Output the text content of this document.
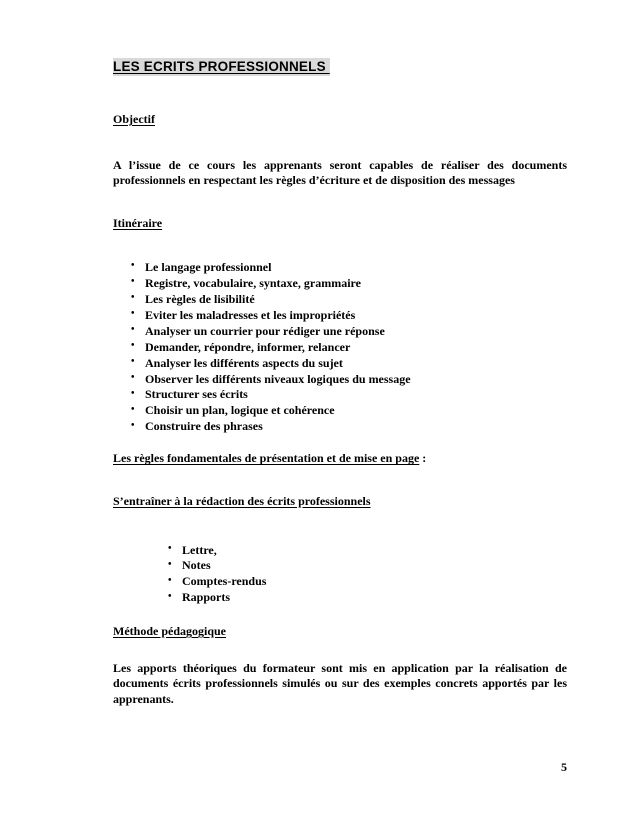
LES ECRITS PROFESSIONNELS

Objectif

A l’issue de ce cours les apprenants seront capables de réaliser des documents professionnels en respectant les règles d’écriture et de disposition des messages

Itinéraire

• Le langage professionnel
• Registre, vocabulaire, syntaxe, grammaire
• Les règles de lisibilité
• Eviter les maladresses et les impropriétés
• Analyser un courrier pour rédiger une réponse
• Demander, répondre, informer, relancer
• Analyser les différents aspects du sujet
• Observer les différents niveaux logiques du message
• Structurer ses écrits
• Choisir un plan, logique et cohérence
• Construire des phrases

Les règles fondamentales de présentation et de mise en page :

S’entraîner à la rédaction des écrits professionnels

• Lettre,
• Notes
• Comptes-rendus
• Rapports

Méthode pédagogique

Les apports théoriques du formateur sont mis en application par la réalisation de documents écrits professionnels simulés ou sur des exemples concrets apportés par les apprenants.

5
